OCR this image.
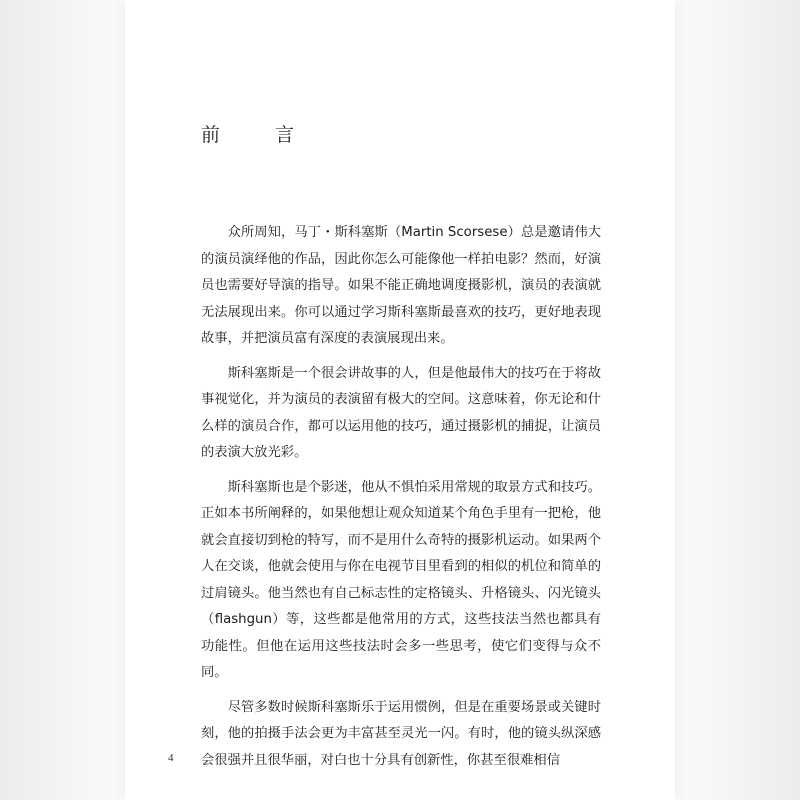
前　言

众所周知，马丁・斯科塞斯（Martin Scorsese）总是邀请伟大的演员演绎他的作品，因此你怎么可能像他一样拍电影？然而，好演员也需要好导演的指导。如果不能正确地调度摄影机，演员的表演就无法展现出来。你可以通过学习斯科塞斯最喜欢的技巧，更好地表现故事，并把演员富有深度的表演展现出来。

斯科塞斯是一个很会讲故事的人，但是他最伟大的技巧在于将故事视觉化，并为演员的表演留有极大的空间。这意味着，你无论和什么样的演员合作，都可以运用他的技巧，通过摄影机的捕捉，让演员的表演大放光彩。

斯科塞斯也是个影迷，他从不惧怕采用常规的取景方式和技巧。正如本书所阐释的，如果他想让观众知道某个角色手里有一把枪，他就会直接切到枪的特写，而不是用什么奇特的摄影机运动。如果两个人在交谈，他就会使用与你在电视节目里看到的相似的机位和简单的过肩镜头。他当然也有自己标志性的定格镜头、升格镜头、闪光镜头（flashgun）等，这些都是他常用的方式，这些技法当然也都具有功能性。但他在运用这些技法时会多一些思考，使它们变得与众不同。

尽管多数时候斯科塞斯乐于运用惯例，但是在重要场景或关键时刻，他的拍摄手法会更为丰富甚至灵光一闪。有时，他的镜头纵深感会很强并且很华丽，对白也十分具有创新性，你甚至很难相信

4
